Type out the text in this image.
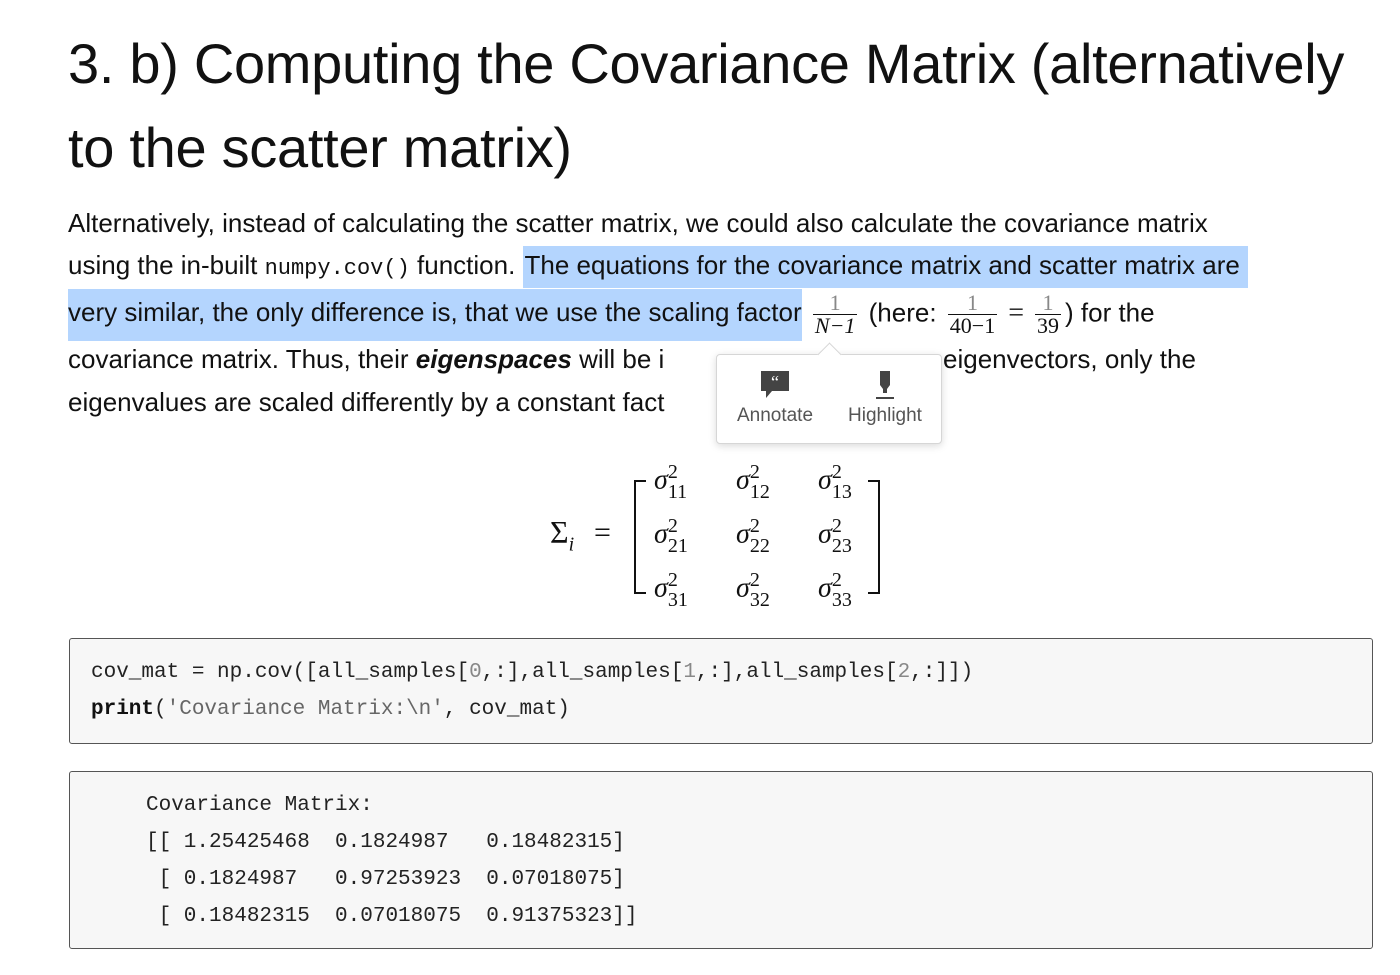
3. b) Computing the Covariance Matrix (alternatively to the scatter matrix)
Alternatively, instead of calculating the scatter matrix, we could also calculate the covariance matrix
using the in-built numpy.cov() function. The equations for the covariance matrix and scatter matrix are
very similar, the only difference is, that we use the scaling factor $\frac{1}{N-1}$ (here: $\frac{1}{40-1} = \frac{1}{39}$ ) for the
covariance matrix. Thus, their eigenspaces will be i	eigenvectors, only the
eigenvalues are scaled differently by a constant fact
“
Annotate	Highlight
$\Sigma_i$ =
σ 2
11 σ 2
12 σ 2
13
σ 2
21 σ 2
22 σ 2
23
σ 2
31 σ 2
32 σ 2
33
cov_mat = np.cov([all_samples[0,:],all_samples[1,:],all_samples[2,:]])
print('Covariance Matrix:\n', cov_mat)
Covariance Matrix:
[[ 1.25425468  0.1824987   0.18482315]
[ 0.1824987   0.97253923  0.07018075]
[ 0.18482315  0.07018075  0.91375323]]
